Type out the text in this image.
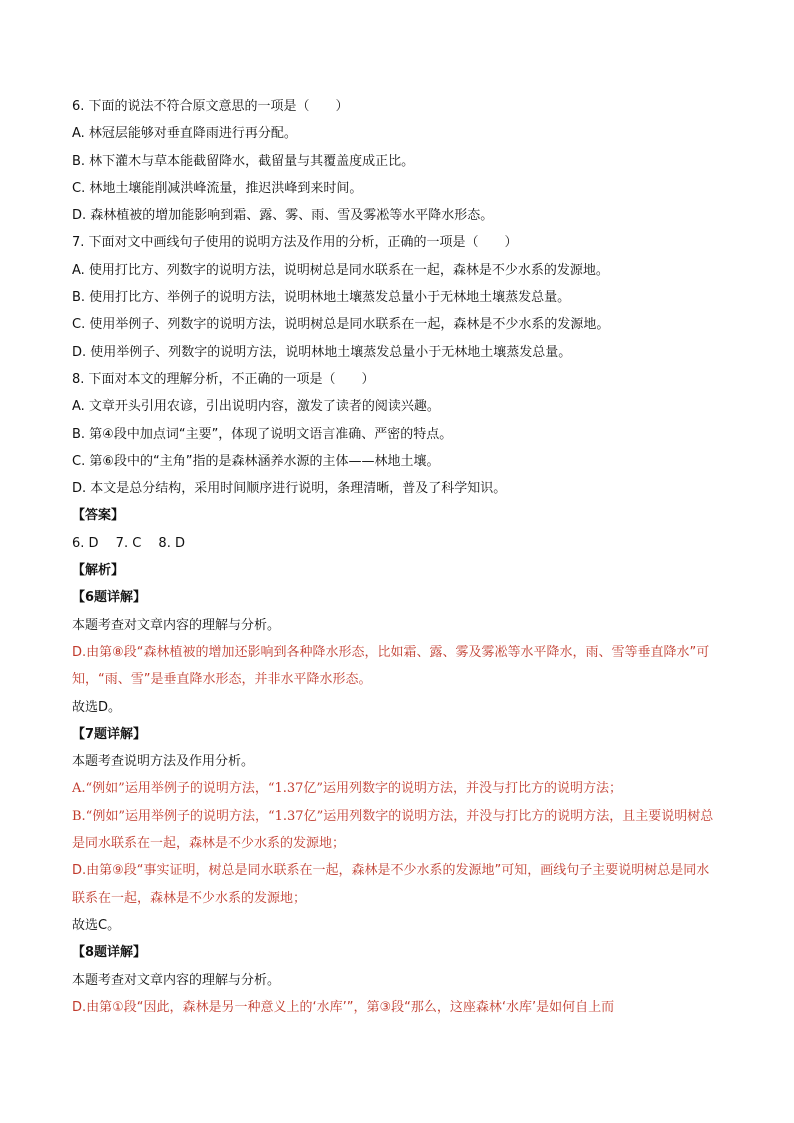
6. 下面的说法不符合原文意思的一项是（　　）
A. 林冠层能够对垂直降雨进行再分配。
B. 林下灌木与草本能截留降水，截留量与其覆盖度成正比。
C. 林地土壤能削减洪峰流量，推迟洪峰到来时间。
D. 森林植被的增加能影响到霜、露、雾、雨、雪及雾凇等水平降水形态。
7. 下面对文中画线句子使用的说明方法及作用的分析，正确的一项是（　　）
A. 使用打比方、列数字的说明方法，说明树总是同水联系在一起，森林是不少水系的发源地。
B. 使用打比方、举例子的说明方法，说明林地土壤蒸发总量小于无林地土壤蒸发总量。
C. 使用举例子、列数字的说明方法，说明树总是同水联系在一起，森林是不少水系的发源地。
D. 使用举例子、列数字的说明方法，说明林地土壤蒸发总量小于无林地土壤蒸发总量。
8. 下面对本文的理解分析，不正确的一项是（　　）
A. 文章开头引用农谚，引出说明内容，激发了读者的阅读兴趣。
B. 第④段中加点词“主要”，体现了说明文语言准确、严密的特点。
C. 第⑥段中的“主角”指的是森林涵养水源的主体——林地土壤。
D. 本文是总分结构，采用时间顺序进行说明，条理清晰，普及了科学知识。
【答案】
6. D　 7. C　 8. D
【解析】
【6题详解】
本题考查对文章内容的理解与分析。
D.由第⑧段“森林植被的增加还影响到各种降水形态，比如霜、露、雾及雾凇等水平降水，雨、雪等垂直降水”可知，“雨、雪”是垂直降水形态，并非水平降水形态。
故选D。
【7题详解】
本题考查说明方法及作用分析。
A.“例如”运用举例子的说明方法，“1.37亿”运用列数字的说明方法，并没与打比方的说明方法；
B.“例如”运用举例子的说明方法，“1.37亿”运用列数字的说明方法，并没与打比方的说明方法，且主要说明树总是同水联系在一起，森林是不少水系的发源地；
D.由第⑨段“事实证明，树总是同水联系在一起，森林是不少水系的发源地”可知，画线句子主要说明树总是同水联系在一起，森林是不少水系的发源地；
故选C。
【8题详解】
本题考查对文章内容的理解与分析。
D.由第①段“因此，森林是另一种意义上的‘水库’”，第③段“那么，这座森林‘水库’是如何自上而
